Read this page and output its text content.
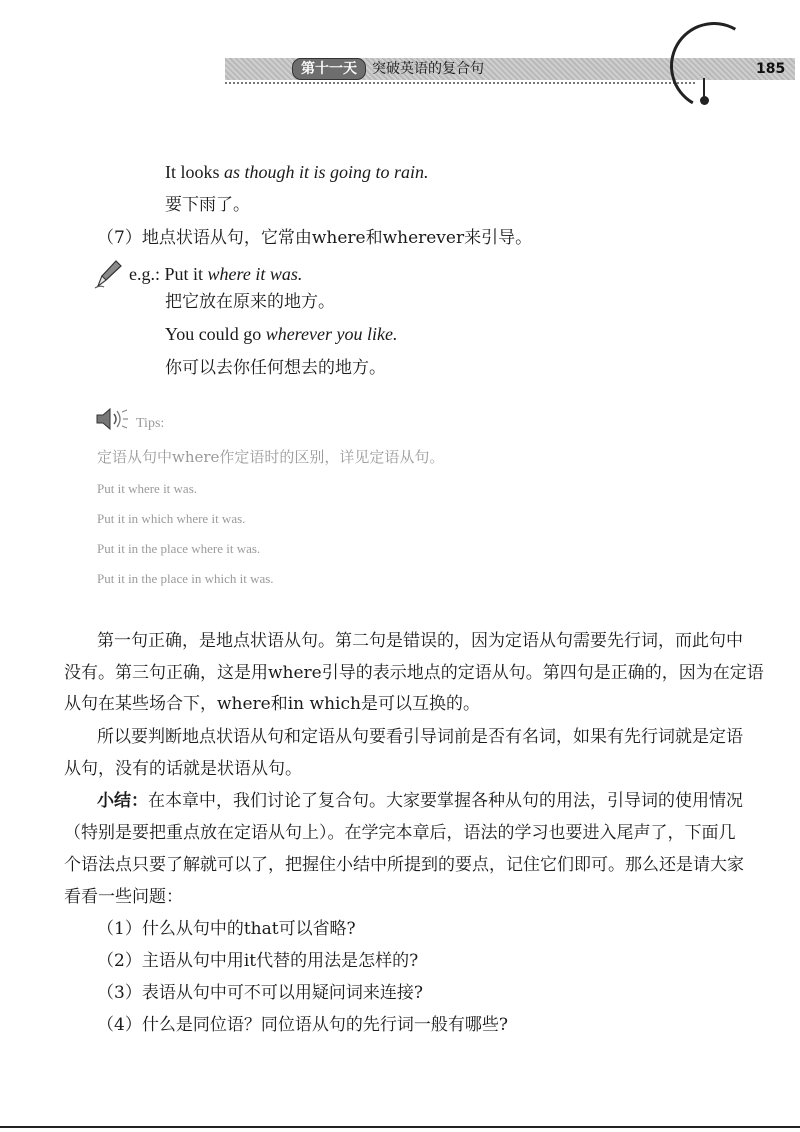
第十一天	突破英语的复合句	185
It looks as though it is going to rain.
要下雨了。
（7）地点状语从句，它常由where和wherever来引导。
e.g.: Put it where it was.
把它放在原来的地方。
You could go wherever you like.
你可以去你任何想去的地方。
Tips:
定语从句中where作定语时的区别，详见定语从句。
Put it where it was.
Put it in which where it was.
Put it in the place where it was.
Put it in the place in which it was.
第一句正确，是地点状语从句。第二句是错误的，因为定语从句需要先行词，而此句中
没有。第三句正确，这是用where引导的表示地点的定语从句。第四句是正确的，因为在定语
从句在某些场合下，where和in which是可以互换的。
所以要判断地点状语从句和定语从句要看引导词前是否有名词，如果有先行词就是定语
从句，没有的话就是状语从句。
小结：在本章中，我们讨论了复合句。大家要掌握各种从句的用法，引导词的使用情况
（特别是要把重点放在定语从句上）。在学完本章后，语法的学习也要进入尾声了，下面几
个语法点只要了解就可以了，把握住小结中所提到的要点，记住它们即可。那么还是请大家
看看一些问题：
（1）什么从句中的that可以省略?
（2）主语从句中用it代替的用法是怎样的?
（3）表语从句中可不可以用疑问词来连接?
（4）什么是同位语？同位语从句的先行词一般有哪些?
